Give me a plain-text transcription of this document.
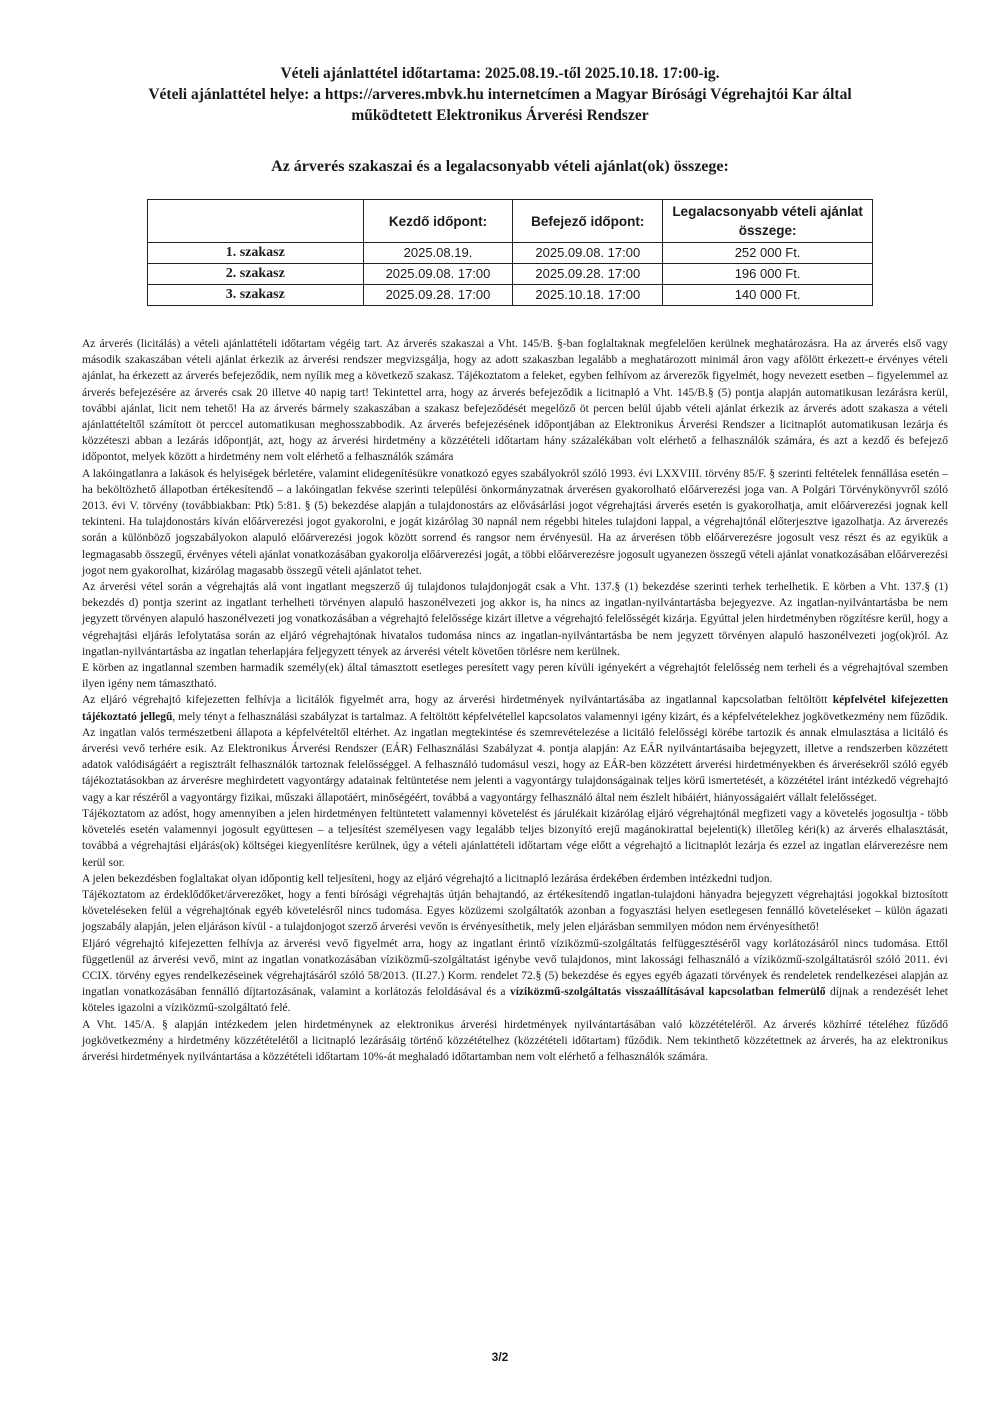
Vételi ajánlattétel időtartama: 2025.08.19.-től 2025.10.18. 17:00-ig.
Vételi ajánlattétel helye: a https://arveres.mbvk.hu internetcímen a Magyar Bírósági Végrehajtói Kar által
működtetett Elektronikus Árverési Rendszer
Az árverés szakaszai és a legalacsonyabb vételi ajánlat(ok) összege:
	Kezdő időpont:	Befejező időpont:	Legalacsonyabb vételi ajánlat összege:
1. szakasz	2025.08.19.	2025.09.08. 17:00	252 000 Ft.
2. szakasz	2025.09.08. 17:00	2025.09.28. 17:00	196 000 Ft.
3. szakasz	2025.09.28. 17:00	2025.10.18. 17:00	140 000 Ft.

Az árverés (licitálás) a vételi ajánlattételi időtartam végéig tart. Az árverés szakaszai a Vht. 145/B. §-ban foglaltaknak megfelelően kerülnek meghatározásra. Ha az árverés első vagy második szakaszában vételi ajánlat érkezik az árverési rendszer megvizsgálja, hogy az adott szakaszban legalább a meghatározott minimál áron vagy afölött érkezett-e érvényes vételi ajánlat, ha érkezett az árverés befejeződik, nem nyílik meg a következő szakasz. Tájékoztatom a feleket, egyben felhívom az árverezők figyelmét, hogy nevezett esetben – figyelemmel az árverés befejezésére az árverés csak 20 illetve 40 napig tart! Tekintettel arra, hogy az árverés befejeződik a licitnapló a Vht. 145/B.§ (5) pontja alapján automatikusan lezárásra kerül, további ajánlat, licit nem tehető! Ha az árverés bármely szakaszában a szakasz befejeződését megelőző öt percen belül újabb vételi ajánlat érkezik az árverés adott szakasza a vételi ajánlattételtől számított öt perccel automatikusan meghosszabbodik. Az árverés befejezésének időpontjában az Elektronikus Árverési Rendszer a licitnaplót automatikusan lezárja és közzéteszi abban a lezárás időpontját, azt, hogy az árverési hirdetmény a közzétételi időtartam hány százalékában volt elérhető a felhasználók számára, és azt a kezdő és befejező időpontot, melyek között a hirdetmény nem volt elérhető a felhasználók számára

A lakóingatlanra a lakások és helyiségek bérletére, valamint elidegenítésükre vonatkozó egyes szabályokról szóló 1993. évi LXXVIII. törvény 85/F. § szerinti feltételek fennállása esetén – ha beköltözhető állapotban értékesítendő – a lakóingatlan fekvése szerinti települési önkormányzatnak árverésen gyakorolható előárverezési joga van. A Polgári Törvénykönyvről szóló 2013. évi V. törvény (továbbiakban: Ptk) 5:81. § (5) bekezdése alapján a tulajdonostárs az elővásárlási jogot végrehajtási árverés esetén is gyakorolhatja, amit előárverezési jognak kell tekinteni. Ha tulajdonostárs kíván előárverezési jogot gyakorolni, e jogát kizárólag 30 napnál nem régebbi hiteles tulajdoni lappal, a végrehajtónál előterjesztve igazolhatja. Az árverezés során a különböző jogszabályokon alapuló előárverezési jogok között sorrend és rangsor nem érvényesül. Ha az árverésen több előárverezésre jogosult vesz részt és az egyikük a legmagasabb összegű, érvényes vételi ajánlat vonatkozásában gyakorolja előárverezési jogát, a többi előárverezésre jogosult ugyanezen összegű vételi ajánlat vonatkozásában előárverezési jogot nem gyakorolhat, kizárólag magasabb összegű vételi ajánlatot tehet.

Az árverési vétel során a végrehajtás alá vont ingatlant megszerző új tulajdonos tulajdonjogát csak a Vht. 137.§ (1) bekezdése szerinti terhek terhelhetik. E körben a Vht. 137.§ (1) bekezdés d) pontja szerint az ingatlant terhelheti törvényen alapuló haszonélvezeti jog akkor is, ha nincs az ingatlan-nyilvántartásba bejegyezve. Az ingatlan-nyilvántartásba be nem jegyzett törvényen alapuló haszonélvezeti jog vonatkozásában a végrehajtó felelőssége kizárt illetve a végrehajtó felelősségét kizárja. Egyúttal jelen hirdetményben rögzítésre kerül, hogy a végrehajtási eljárás lefolytatása során az eljáró végrehajtónak hivatalos tudomása nincs az ingatlan-nyilvántartásba be nem jegyzett törvényen alapuló haszonélvezeti jog(ok)ról. Az ingatlan-nyilvántartásba az ingatlan teherlapjára feljegyzett tények az árverési vételt követően törlésre nem kerülnek.

E körben az ingatlannal szemben harmadik személy(ek) által támasztott esetleges peresített vagy peren kívüli igényekért a végrehajtót felelősség nem terheli és a végrehajtóval szemben ilyen igény nem támasztható.

Az eljáró végrehajtó kifejezetten felhívja a licitálók figyelmét arra, hogy az árverési hirdetmények nyilvántartásába az ingatlannal kapcsolatban feltöltött képfelvétel kifejezetten tájékoztató jellegű, mely tényt a felhasználási szabályzat is tartalmaz. A feltöltött képfelvétellel kapcsolatos valamennyi igény kizárt, és a képfelvételekhez jogkövetkezmény nem fűződik. Az ingatlan valós természetbeni állapota a képfelvételtől eltérhet. Az ingatlan megtekintése és szemrevételezése a licitáló felelősségi körébe tartozik és annak elmulasztása a licitáló és árverési vevő terhére esik. Az Elektronikus Árverési Rendszer (EÁR) Felhasználási Szabályzat 4. pontja alapján: Az EÁR nyilvántartásaiba bejegyzett, illetve a rendszerben közzétett adatok valódiságáért a regisztrált felhasználók tartoznak felelősséggel. A felhasználó tudomásul veszi, hogy az EÁR-ben közzétett árverési hirdetményekben és árverésekről szóló egyéb tájékoztatásokban az árverésre meghirdetett vagyontárgy adatainak feltüntetése nem jelenti a vagyontárgy tulajdonságainak teljes körű ismertetését, a közzététel iránt intézkedő végrehajtó vagy a kar részéről a vagyontárgy fizikai, műszaki állapotáért, minőségéért, továbbá a vagyontárgy felhasználó által nem észlelt hibáiért, hiányosságaiért vállalt felelősséget.

Tájékoztatom az adóst, hogy amennyiben a jelen hirdetményen feltüntetett valamennyi követelést és járulékait kizárólag eljáró végrehajtónál megfizeti vagy a követelés jogosultja - több követelés esetén valamennyi jogosult együttesen – a teljesítést személyesen vagy legalább teljes bizonyító erejű magánokirattal bejelenti(k) illetőleg kéri(k) az árverés elhalasztását, továbbá a végrehajtási eljárás(ok) költségei kiegyenlítésre kerülnek, úgy a vételi ajánlattételi időtartam vége előtt a végrehajtó a licitnaplót lezárja és ezzel az ingatlan elárverezésre nem kerül sor.

A jelen bekezdésben foglaltakat olyan időpontig kell teljesíteni, hogy az eljáró végrehajtó a licitnapló lezárása érdekében érdemben intézkedni tudjon.

Tájékoztatom az érdeklődőket/árverezőket, hogy a fenti bírósági végrehajtás útján behajtandó, az értékesítendő ingatlan-tulajdoni hányadra bejegyzett végrehajtási jogokkal biztosított követeléseken felül a végrehajtónak egyéb követelésről nincs tudomása. Egyes közüzemi szolgáltatók azonban a fogyasztási helyen esetlegesen fennálló követeléseket – külön ágazati jogszabály alapján, jelen eljáráson kívül - a tulajdonjogot szerző árverési vevőn is érvényesíthetik, mely jelen eljárásban semmilyen módon nem érvényesíthető!

Eljáró végrehajtó kifejezetten felhívja az árverési vevő figyelmét arra, hogy az ingatlant érintő víziközmű-szolgáltatás felfüggesztéséről vagy korlátozásáról nincs tudomása. Ettől függetlenül az árverési vevő, mint az ingatlan vonatkozásában víziközmű-szolgáltatást igénybe vevő tulajdonos, mint lakossági felhasználó a víziközmű-szolgáltatásról szóló 2011. évi CCIX. törvény egyes rendelkezéseinek végrehajtásáról szóló 58/2013. (II.27.) Korm. rendelet 72.§ (5) bekezdése és egyes egyéb ágazati törvények és rendeletek rendelkezései alapján az ingatlan vonatkozásában fennálló díjtartozásának, valamint a korlátozás feloldásával és a víziközmű-szolgáltatás visszaállításával kapcsolatban felmerülő díjnak a rendezését lehet köteles igazolni a víziközmű-szolgáltató felé.

A Vht. 145/A. § alapján intézkedem jelen hirdetménynek az elektronikus árverési hirdetmények nyilvántartásában való közzétételéről. Az árverés közhírré tételéhez fűződő jogkövetkezmény a hirdetmény közzétételétől a licitnapló lezárásáig történő közzétételhez (közzétételi időtartam) fűződik. Nem tekinthető közzétettnek az árverés, ha az elektronikus árverési hirdetmények nyilvántartása a közzétételi időtartam 10%-át meghaladó időtartamban nem volt elérhető a felhasználók számára.

3/2
